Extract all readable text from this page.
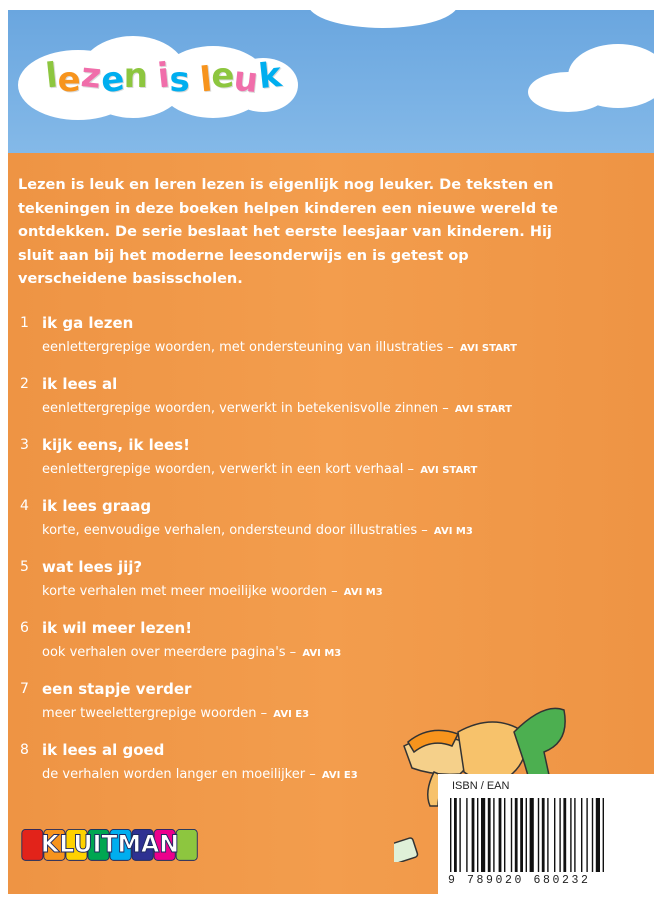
lezen is leuk

Lezen is leuk en leren lezen is eigenlijk nog leuker. De teksten en tekeningen in deze boeken helpen kinderen een nieuwe wereld te ontdekken. De serie beslaat het eerste leesjaar van kinderen. Hij sluit aan bij het moderne leesonderwijs en is getest op verscheidene basisscholen.

1 ik ga lezen
eenlettergrepige woorden, met ondersteuning van illustraties – AVI START
2 ik lees al
eenlettergrepige woorden, verwerkt in betekenisvolle zinnen – AVI START
3 kijk eens, ik lees!
eenlettergrepige woorden, verwerkt in een kort verhaal – AVI START
4 ik lees graag
korte, eenvoudige verhalen, ondersteund door illustraties – AVI M3
5 wat lees jij?
korte verhalen met meer moeilijke woorden – AVI M3
6 ik wil meer lezen!
ook verhalen over meerdere pagina's – AVI M3
7 een stapje verder
meer tweelettergrepige woorden – AVI E3
8 ik lees al goed
de verhalen worden langer en moeilijker – AVI E3
ISBN / EAN
9 789020 680232
KLUITMAN
